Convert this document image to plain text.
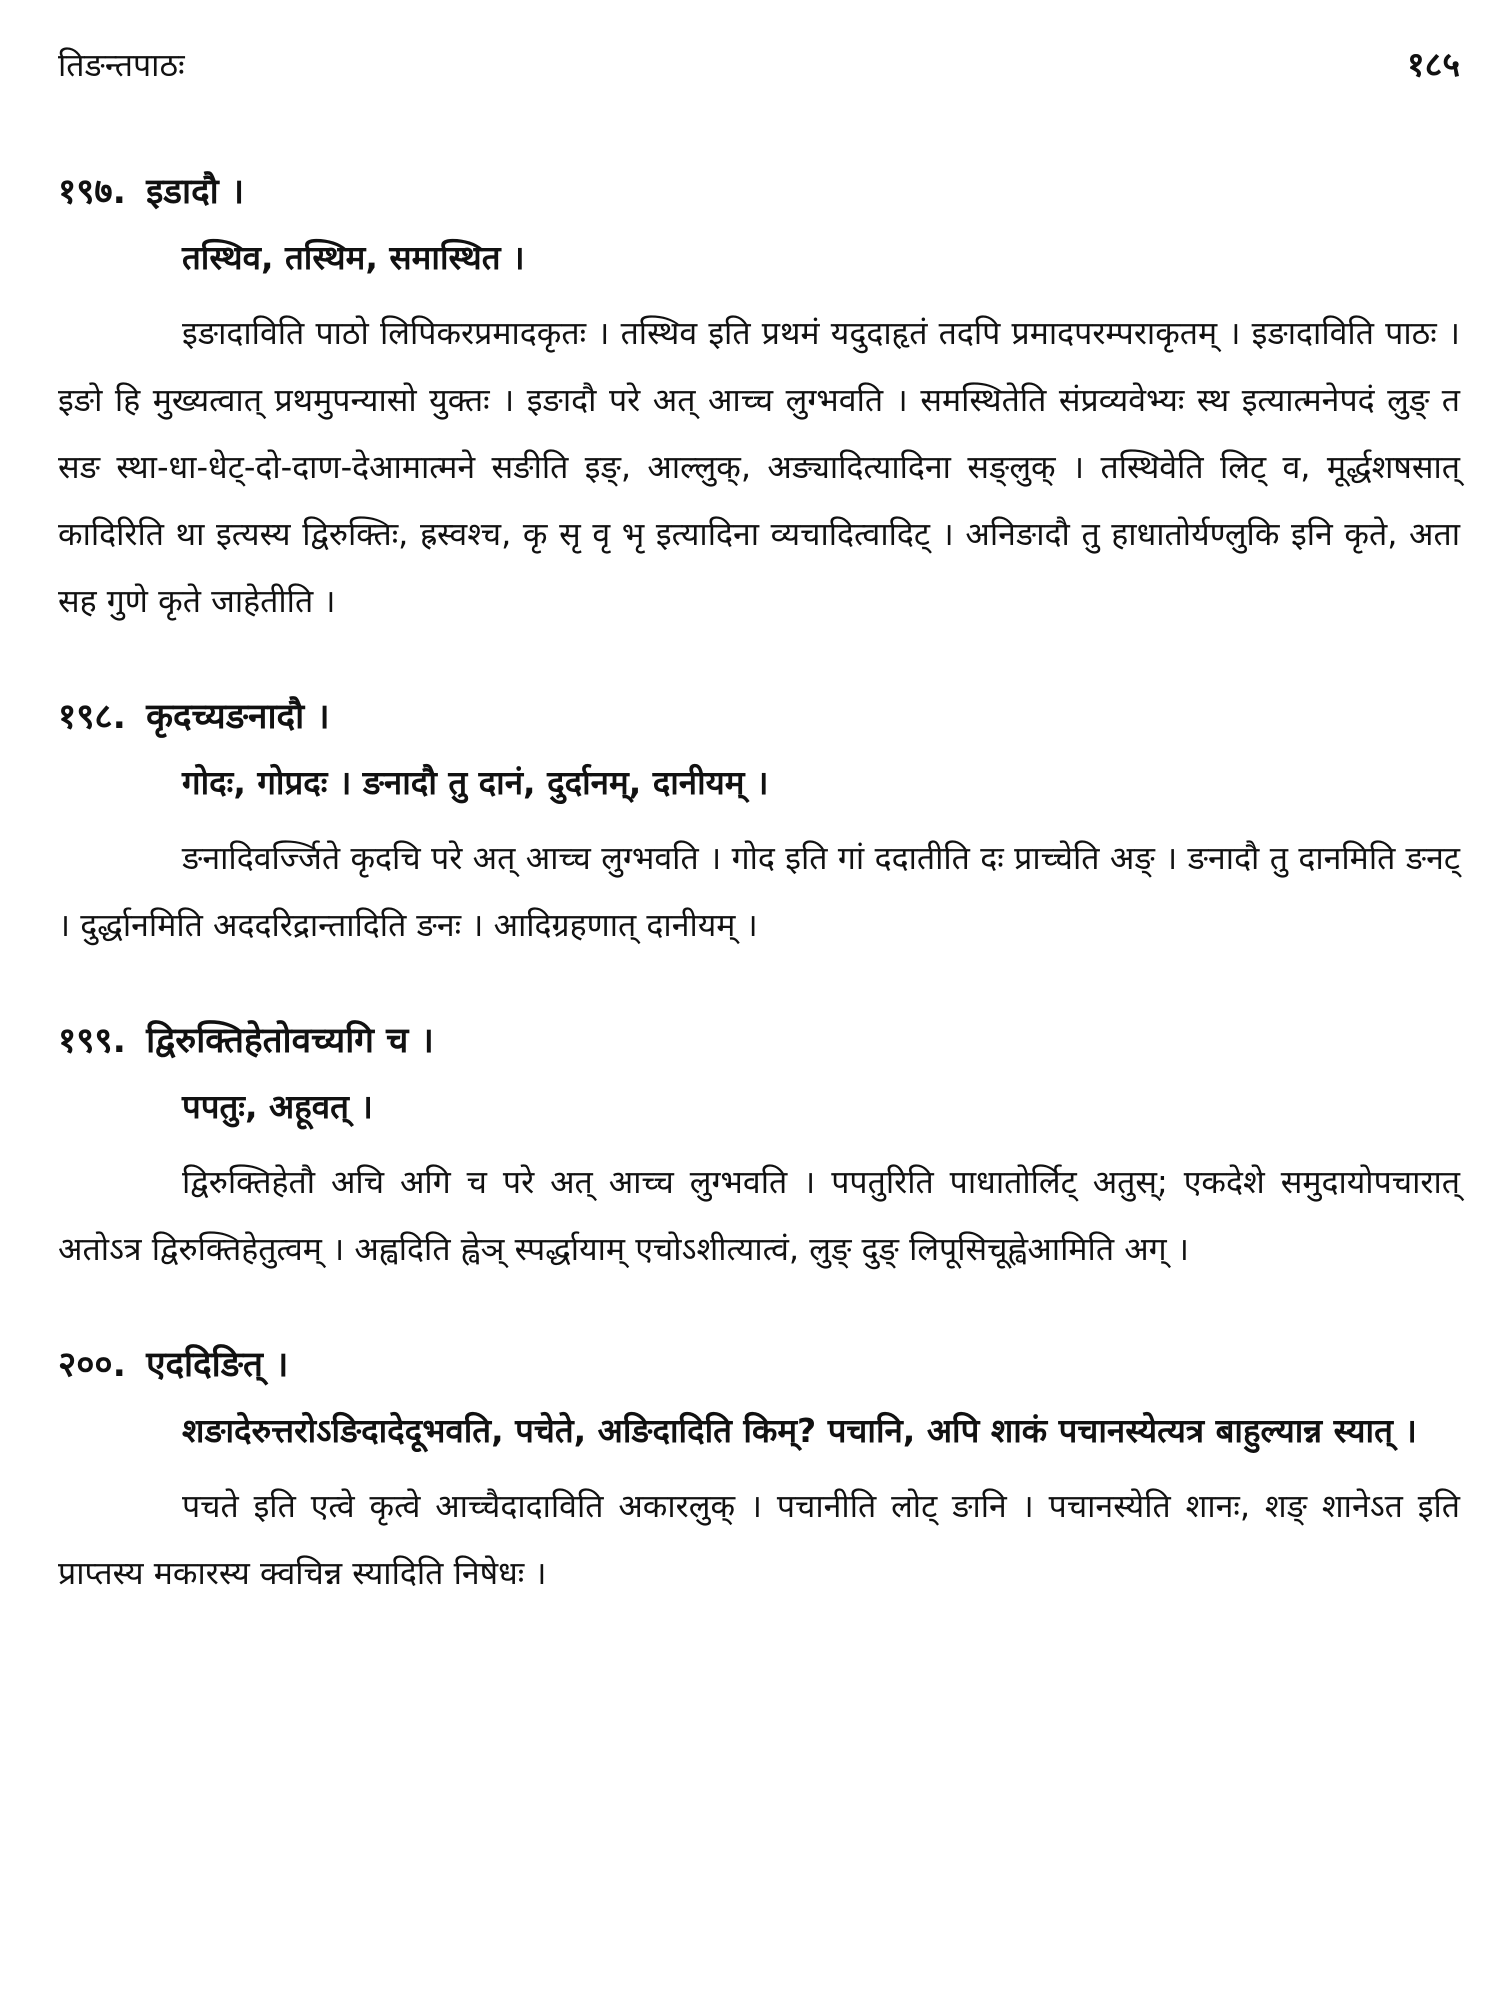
तिङन्तपाठः	१८५

१९७. इडादौ ।

तस्थिव, तस्थिम, समास्थित ।

इङादाविति पाठो लिपिकरप्रमादकृतः । तस्थिव इति प्रथमं यदुदाहृतं तदपि प्रमादपरम्पराकृतम् । इङादाविति पाठः । इङो हि मुख्यत्वात् प्रथमुपन्यासो युक्तः । इङादौ परे अत् आच्च लुग्भवति । समस्थितेति संप्रव्यवेभ्यः स्थ इत्यात्मनेपदं लुङ् त सङ स्था-धा-धेट्-दो-दाण-देआमात्मने सङीति इङ्, आल्लुक्, अङ्यादित्यादिना सङ्लुक् । तस्थिवेति लिट् व, मूर्द्धशषसात् कादिरिति था इत्यस्य द्विरुक्तिः, ह्रस्वश्च, कृ सृ वृ भृ इत्यादिना व्यचादित्वादिट् । अनिङादौ तु हाधातोर्यण्लुकि इनि कृते, अता सह गुणे कृते जाहेतीति ।

१९८. कृदच्यङनादौ ।

गोदः, गोप्रदः । ङनादौ तु दानं, दुर्दानम्, दानीयम् ।

ङनादिवर्ज्जिते कृदचि परे अत् आच्च लुग्भवति । गोद इति गां ददातीति दः प्राच्चेति अङ् । ङनादौ तु दानमिति ङनट् । दुर्द्धानमिति अददरिद्रान्तादिति ङनः । आदिग्रहणात् दानीयम् ।

१९९. द्विरुक्तिहेतोवच्यगि च ।

पपतुः, अहूवत् ।

द्विरुक्तिहेतौ अचि अगि च परे अत् आच्च लुग्भवति । पपतुरिति पाधातोर्लिट् अतुस्; एकदेशे समुदायोपचारात् अतोऽत्र द्विरुक्तिहेतुत्वम् । अह्वदिति ह्वेञ् स्पर्द्धायाम् एचोऽशीत्यात्वं, लुङ् दुङ् लिपूसिचूह्वेआमिति अग् ।

२००. एददिङित् ।

शङादेरुत्तरोऽङिदादेदूभवति, पचेते, अङिदादिति किम्? पचानि, अपि शाकं पचानस्येत्यत्र बाहुल्यान्न स्यात् ।

पचते इति एत्वे कृत्वे आच्चैदादाविति अकारलुक् । पचानीति लोट् ङानि । पचानस्येति शानः, शङ् शानेऽत इति प्राप्तस्य मकारस्य क्वचिन्न स्यादिति निषेधः ।
